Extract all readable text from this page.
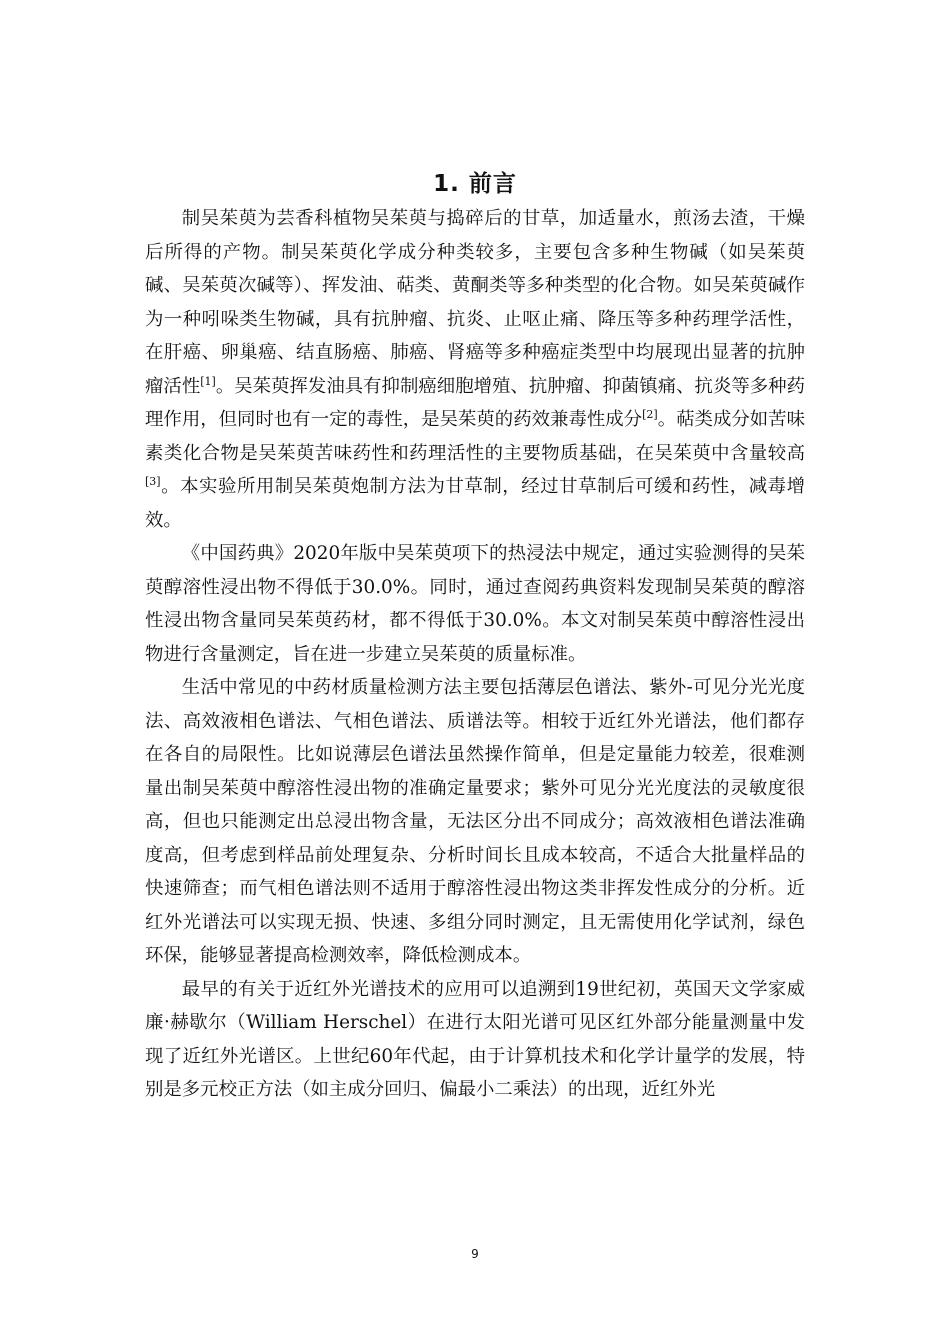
1. 前言

制吴茱萸为芸香科植物吴茱萸与捣碎后的甘草，加适量水，煎汤去渣，干燥后所得的产物。制吴茱萸化学成分种类较多，主要包含多种生物碱（如吴茱萸碱、吴茱萸次碱等）、挥发油、萜类、黄酮类等多种类型的化合物。如吴茱萸碱作为一种吲哚类生物碱，具有抗肿瘤、抗炎、止呕止痛、降压等多种药理学活性，在肝癌、卵巢癌、结直肠癌、肺癌、肾癌等多种癌症类型中均展现出显著的抗肿瘤活性[1]。吴茱萸挥发油具有抑制癌细胞增殖、抗肿瘤、抑菌镇痛、抗炎等多种药理作用，但同时也有一定的毒性，是吴茱萸的药效兼毒性成分[2]。萜类成分如苦味素类化合物是吴茱萸苦味药性和药理活性的主要物质基础，在吴茱萸中含量较高[3]。本实验所用制吴茱萸炮制方法为甘草制，经过甘草制后可缓和药性，减毒增效。

《中国药典》2020年版中吴茱萸项下的热浸法中规定，通过实验测得的吴茱萸醇溶性浸出物不得低于30.0%。同时，通过查阅药典资料发现制吴茱萸的醇溶性浸出物含量同吴茱萸药材，都不得低于30.0%。本文对制吴茱萸中醇溶性浸出物进行含量测定，旨在进一步建立吴茱萸的质量标准。

生活中常见的中药材质量检测方法主要包括薄层色谱法、紫外-可见分光光度法、高效液相色谱法、气相色谱法、质谱法等。相较于近红外光谱法，他们都存在各自的局限性。比如说薄层色谱法虽然操作简单，但是定量能力较差，很难测量出制吴茱萸中醇溶性浸出物的准确定量要求；紫外可见分光光度法的灵敏度很高，但也只能测定出总浸出物含量，无法区分出不同成分；高效液相色谱法准确度高，但考虑到样品前处理复杂、分析时间长且成本较高，不适合大批量样品的快速筛查；而气相色谱法则不适用于醇溶性浸出物这类非挥发性成分的分析。近红外光谱法可以实现无损、快速、多组分同时测定，且无需使用化学试剂，绿色环保，能够显著提高检测效率，降低检测成本。

最早的有关于近红外光谱技术的应用可以追溯到19世纪初，英国天文学家威廉·赫歇尔（William Herschel）在进行太阳光谱可见区红外部分能量测量中发现了近红外光谱区。上世纪60年代起，由于计算机技术和化学计量学的发展，特别是多元校正方法（如主成分回归、偏最小二乘法）的出现，近红外光

9
